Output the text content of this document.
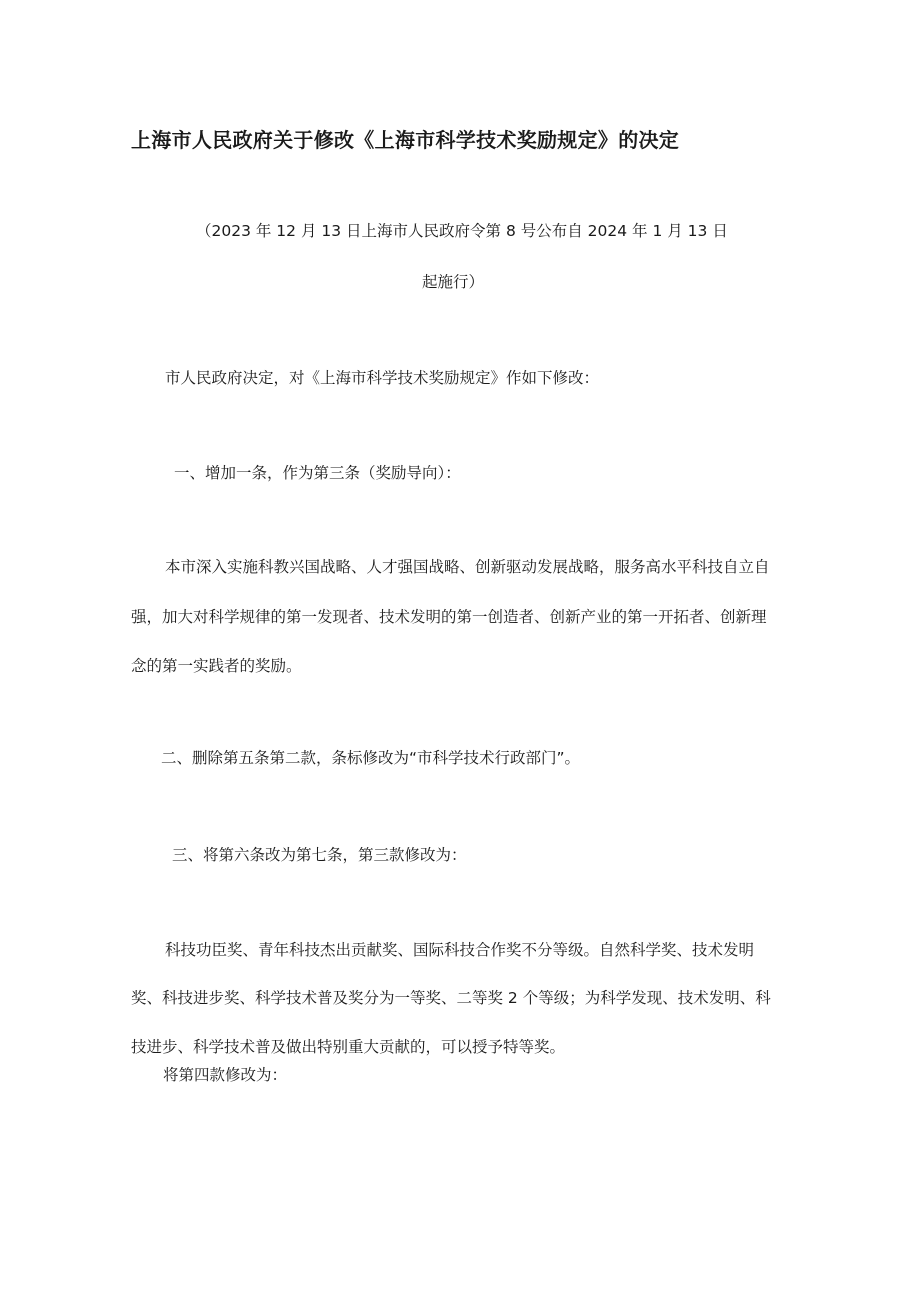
上海市人民政府关于修改《上海市科学技术奖励规定》的决定

（2023 年 12 月 13 日上海市人民政府令第 8 号公布自 2024 年 1 月 13 日

起施行）

市人民政府决定，对《上海市科学技术奖励规定》作如下修改：

一、增加一条，作为第三条（奖励导向）：

本市深入实施科教兴国战略、人才强国战略、创新驱动发展战略，服务高水平科技自立自

强，加大对科学规律的第一发现者、技术发明的第一创造者、创新产业的第一开拓者、创新理

念的第一实践者的奖励。

二、删除第五条第二款，条标修改为“市科学技术行政部门”。

三、将第六条改为第七条，第三款修改为：

科技功臣奖、青年科技杰出贡献奖、国际科技合作奖不分等级。自然科学奖、技术发明

奖、科技进步奖、科学技术普及奖分为一等奖、二等奖 2 个等级；为科学发现、技术发明、科

技进步、科学技术普及做出特别重大贡献的，可以授予特等奖。

将第四款修改为：
